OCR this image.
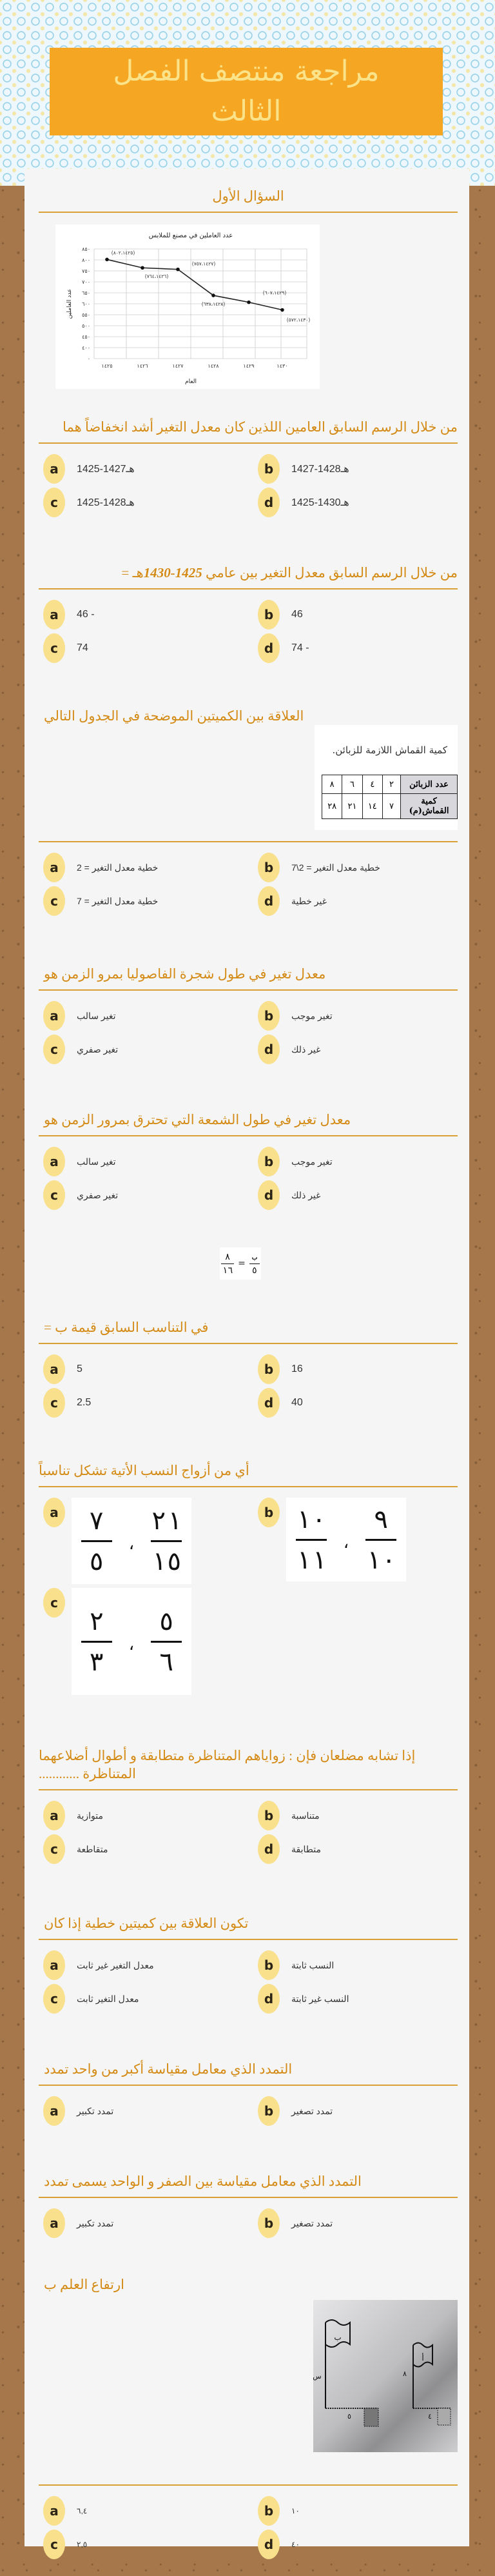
مراجعة منتصف الفصل الثالث

السؤال الأول

عدد العاملين في مصنع للملابس
٠
٤٠٠
٤٥٠
٥٠٠
٥٥٠
٦٠٠
٦٥٠
٧٠٠
٧٥٠
٨٠٠
٨٥٠
١٤٢٥	١٤٢٦	١٤٢٧	١٤٢٨	١٤٢٩	١٤٣٠
(٨٠٢،١٤٢٥)
(٧٦٤،١٤٢٦)
(٧٥٧،١٤٢٧)
(٦٣٨،١٤٢٨)
(٦٠٧،١٤٢٩)
(٥٧٢،١٤٣٠)
العام
عدد العاملين

من خلال الرسم السابق العامين اللذين كان معدل التغير أشد انخفاضاً هما

a	1425-1427هـ	b	1427-1428هـ
c	1425-1428هـ	d	1425-1430هـ

من خلال الرسم السابق معدل التغير بين عامي 1425-1430هـ =

a	46 -	b	46
c	74	d	74 -

العلاقة بين الكميتين الموضحة في الجدول التالي

كمية القماش اللازمة للزبائن.
عدد الزبائن	٢	٤	٦	٨
كمية القماش(م)	٧	١٤	٢١	٢٨
a	خطية معدل التغير = 2	b	خطية معدل التغير = 2\7
c	خطية معدل التغير = 7	d	غير خطية

معدل تغير في طول شجرة الفاصوليا بمرو الزمن هو

a	تغير سالب	b	تغير موجب
c	تغير صفري	d	غير ذلك

معدل تغير في طول الشمعة التي تحترق بمرور الزمن هو

a	تغير سالب	b	تغير موجب
c	تغير صفري	d	غير ذلك
$\frac{٨}{١٦} = \frac{\text{ب}}{٥}$

في التناسب السابق قيمة ب =

a	5	b	16
c	2.5	d	40

أي من أزواج النسب الأتية تشكل تناسباً

a $\frac{٧}{٥}$ ، $\frac{٢١}{١٥}$	b $\frac{١٠}{١١}$ ، $\frac{٩}{١٠}$
c
$\frac{٢}{٣}$ ، $\frac{٥}{٦}$

إذا تشابه مضلعان فإن : زواياهم المتناظرة متطابقة و أطوال أضلاعهما المتناظرة ............

a	متوازية	b	متناسبة
c	متقاطعة	d	متطابقة

تكون العلاقة بين كميتين خطية إذا كان

a	معدل التغير غير ثابت	b	النسب ثابتة
c	معدل التغير ثابت	d	النسب غير ثابتة

التمدد الذي معامل مقياسة أكبر من واحد تمدد

a	تمدد تكبير	b	تمدد تصغير

التمدد الذي معامل مقياسة بين الصفر و الواحد يسمى تمدد

a	تمدد تكبير	b	تمدد تصغير

ارتفاع العلم ب

ب
أ
س	٨
٥	٤
a	٦,٤	b	١٠
c	٢,٥	d	٤٠
